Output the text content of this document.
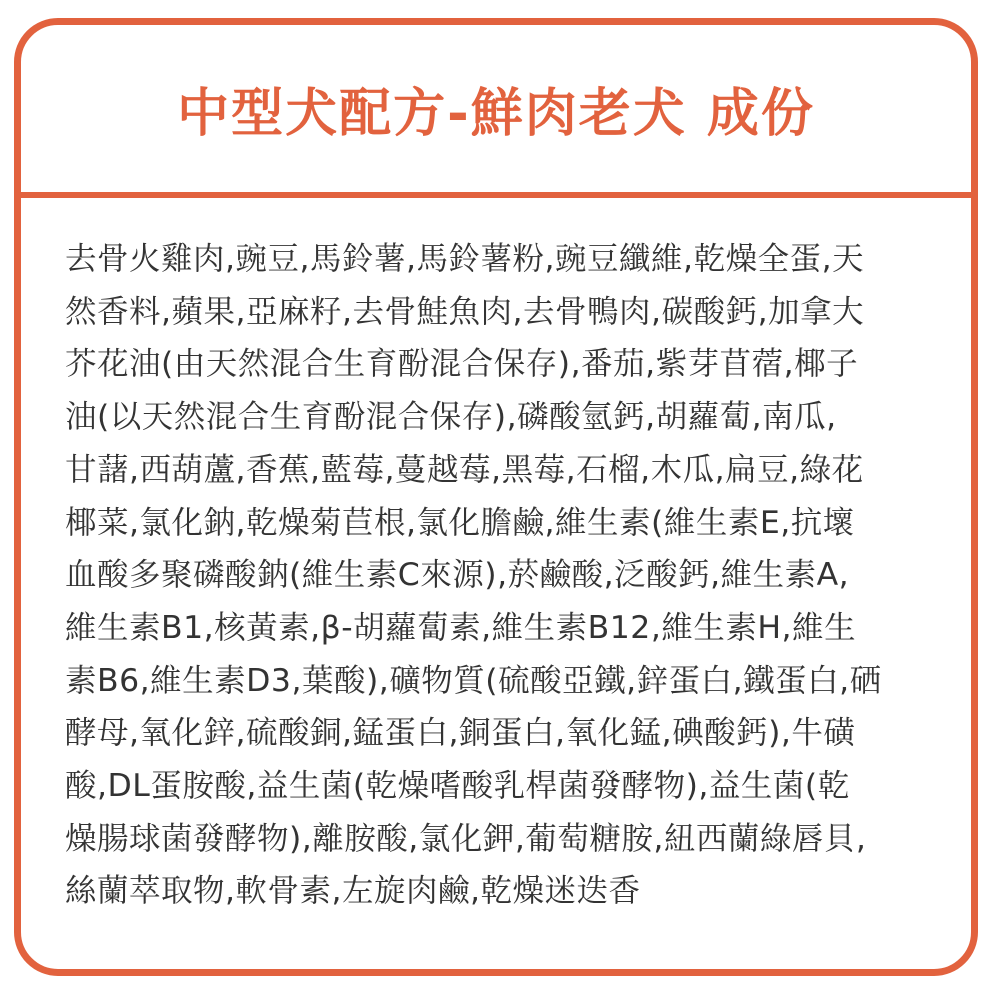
中型犬配方-鮮肉老犬 成份
去骨火雞肉,豌豆,馬鈴薯,馬鈴薯粉,豌豆纖維,乾燥全蛋,天
然香料,蘋果,亞麻籽,去骨鮭魚肉,去骨鴨肉,碳酸鈣,加拿大
芥花油(由天然混合生育酚混合保存),番茄,紫芽苜蓿,椰子
油(以天然混合生育酚混合保存),磷酸氫鈣,胡蘿蔔,南瓜,
甘藷,西葫蘆,香蕉,藍莓,蔓越莓,黑莓,石榴,木瓜,扁豆,綠花
椰菜,氯化鈉,乾燥菊苣根,氯化膽鹼,維生素(維生素E,抗壞
血酸多聚磷酸鈉(維生素C來源),菸鹼酸,泛酸鈣,維生素A,
維生素B1,核黃素,β-胡蘿蔔素,維生素B12,維生素H,維生
素B6,維生素D3,葉酸),礦物質(硫酸亞鐵,鋅蛋白,鐵蛋白,硒
酵母,氧化鋅,硫酸銅,錳蛋白,銅蛋白,氧化錳,碘酸鈣),牛磺
酸,DL蛋胺酸,益生菌(乾燥嗜酸乳桿菌發酵物),益生菌(乾
燥腸球菌發酵物),離胺酸,氯化鉀,葡萄糖胺,紐西蘭綠唇貝,
絲蘭萃取物,軟骨素,左旋肉鹼,乾燥迷迭香
